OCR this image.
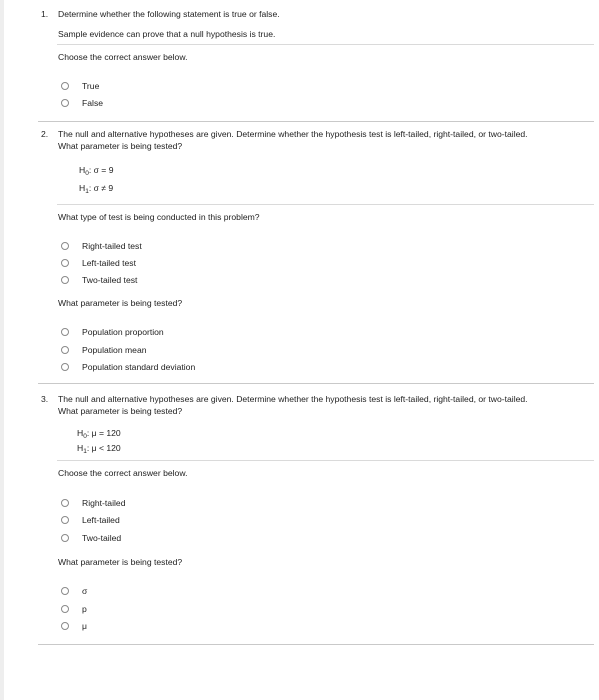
1. Determine whether the following statement is true or false.
Sample evidence can prove that a null hypothesis is true.
Choose the correct answer below.
True
False
2. The null and alternative hypotheses are given. Determine whether the hypothesis test is left-tailed, right-tailed, or two-tailed.
What parameter is being tested?
$H_0$: σ = 9
$H_1$: σ ≠ 9
What type of test is being conducted in this problem?
Right-tailed test
Left-tailed test
Two-tailed test
What parameter is being tested?
Population proportion
Population mean
Population standard deviation
3. The null and alternative hypotheses are given. Determine whether the hypothesis test is left-tailed, right-tailed, or two-tailed.
What parameter is being tested?
$H_0$: μ = 120
$H_1$: μ < 120
Choose the correct answer below.
Right-tailed
Left-tailed
Two-tailed
What parameter is being tested?
σ
p
μ
